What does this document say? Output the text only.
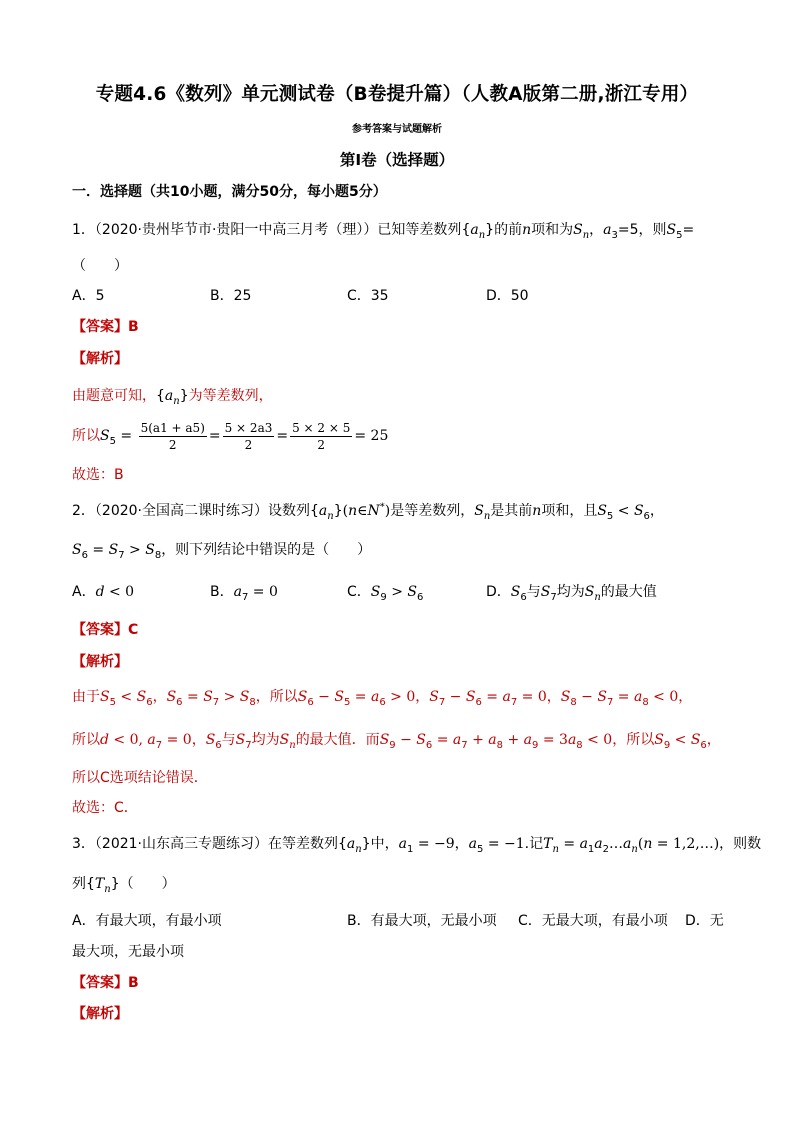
专题4.6《数列》单元测试卷（B卷提升篇）（人教A版第二册,浙江专用）
参考答案与试题解析
第Ⅰ卷（选择题）
一．选择题（共10小题，满分50分，每小题5分）
1．（2020·贵州毕节市·贵阳一中高三月考（理））已知等差数列$\{a_n\}$的前n项和为$S_n$，$a_3=5$，则$S_5=$
（　　）
A．5	B．25	C．35	D．50
【答案】B
【解析】
由题意可知，$\{a_n\}$为等差数列，
所以$S_5 = \frac{5(a1 + a5)}{2} = \frac{5 \times 2a3}{2} = \frac{5 \times 2 \times 5}{2} = 25$
故选：B
2．（2020·全国高二课时练习）设数列$\{a_n\}(n\in N^*)$是等差数列，$S_n$是其前n项和，且$S_5 < S_6$，
$S_6 = S_7 > S_8$，则下列结论中错误的是（　　）
A．d < 0	B．$a_7 = 0$	C．$S_9 > S_6$	D．$S_6$与$S_7$均为$S_n$的最大值
【答案】C
【解析】
由于$S_5 < S_6$，$S_6 = S_7 > S_8$，所以$S_6 - S_5 = a_6 > 0$，$S_7 - S_6 = a_7 = 0$，$S_8 - S_7 = a_8 < 0$，
所以d < 0, $a_7 = 0$，$S_6$与$S_7$均为$S_n$的最大值．而$S_9 - S_6 = a_7 + a_8 + a_9 = 3a_8 < 0$，所以$S_9 < S_6$，
所以C选项结论错误．
故选：C．
3．（2021·山东高三专题练习）在等差数列$\{a_n\}$中，$a_1 = -9$，$a_5 = -1$.记$T_n$ = $a_1a_2\dots a_n(n$ = 1,2,…)，则数
列$\{T_n\}$（　　）
A．有最大项，有最小项	B．有最大项，无最小项 C．无最大项，有最小项 D．无
最大项，无最小项
【答案】B
【解析】
